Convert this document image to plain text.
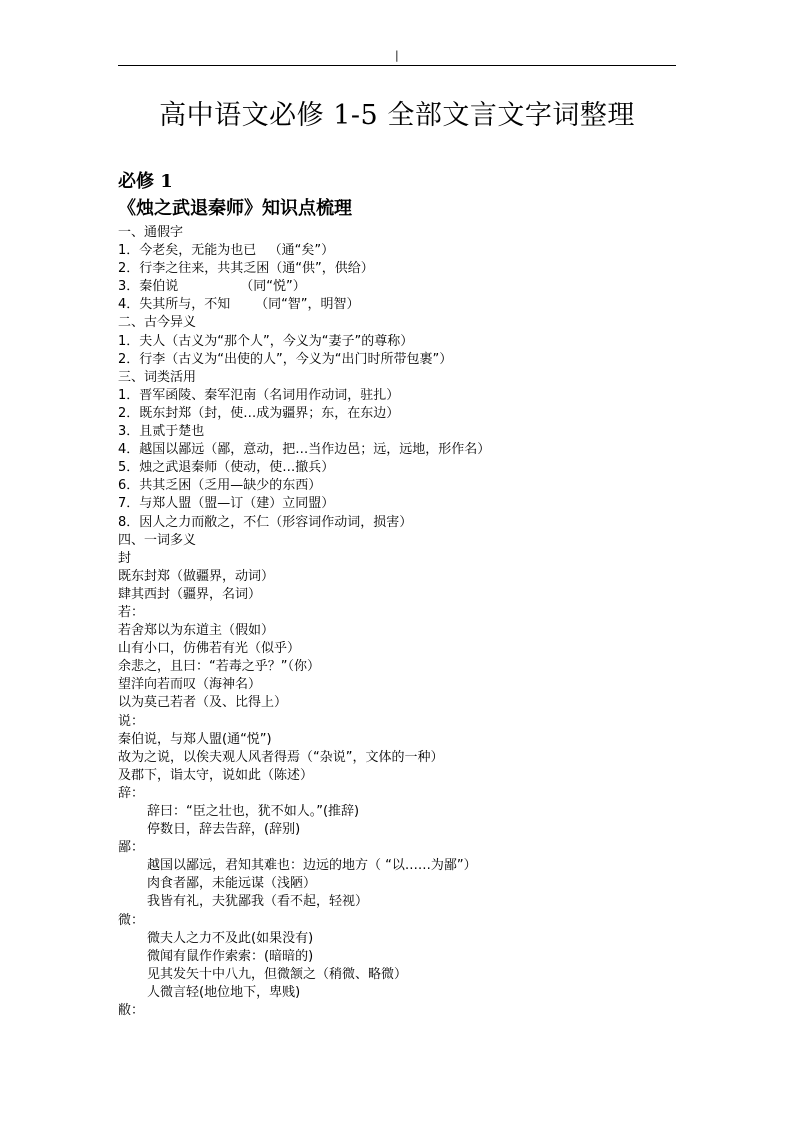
|
高中语文必修 1-5 全部文言文字词整理
必修 1
《烛之武退秦师》知识点梳理
一、通假字
1．今老矣，无能为也已   （通“矣”）
2．行李之往来，共其乏困（通“供”，供给）
3．秦伯说               （同“悦”）
4．失其所与，不知      （同“智”，明智）
二、古今异义
1．夫人（古义为“那个人”，今义为“妻子”的尊称）
2．行李（古义为“出使的人”，今义为“出门时所带包裹”）
三、词类活用
1．晋军函陵、秦军氾南（名词用作动词，驻扎）
2．既东封郑（封，使…成为疆界；东，在东边）
3．且贰于楚也
4．越国以鄙远（鄙，意动，把…当作边邑；远，远地，形作名）
5．烛之武退秦师（使动，使…撤兵）
6．共其乏困（乏用—缺少的东西）
7．与郑人盟（盟—订（建）立同盟）
8．因人之力而敝之，不仁（形容词作动词，损害）
四、一词多义
封
既东封郑（做疆界，动词）
肆其西封（疆界，名词）
若：
若舍郑以为东道主（假如）
山有小口，仿佛若有光（似乎）
余悲之，且曰：“若毒之乎？”（你）
望洋向若而叹（海神名）
以为莫己若者（及、比得上）
说：
秦伯说，与郑人盟(通“悦”)
故为之说，以俟夫观人风者得焉（“杂说”，文体的一种）
及郡下，诣太守，说如此（陈述）
辞：
辞曰：“臣之壮也，犹不如人。”(推辞)
停数日，辞去告辞，(辞别)
鄙：
越国以鄙远，君知其难也：边远的地方（ “以……为鄙”）
肉食者鄙，未能远谋（浅陋）
我皆有礼，夫犹鄙我（看不起，轻视）
微：
微夫人之力不及此(如果没有)
微闻有鼠作作索索：(暗暗的)
见其发矢十中八九，但微颔之（稍微、略微）
人微言轻(地位地下，卑贱)
敝：
